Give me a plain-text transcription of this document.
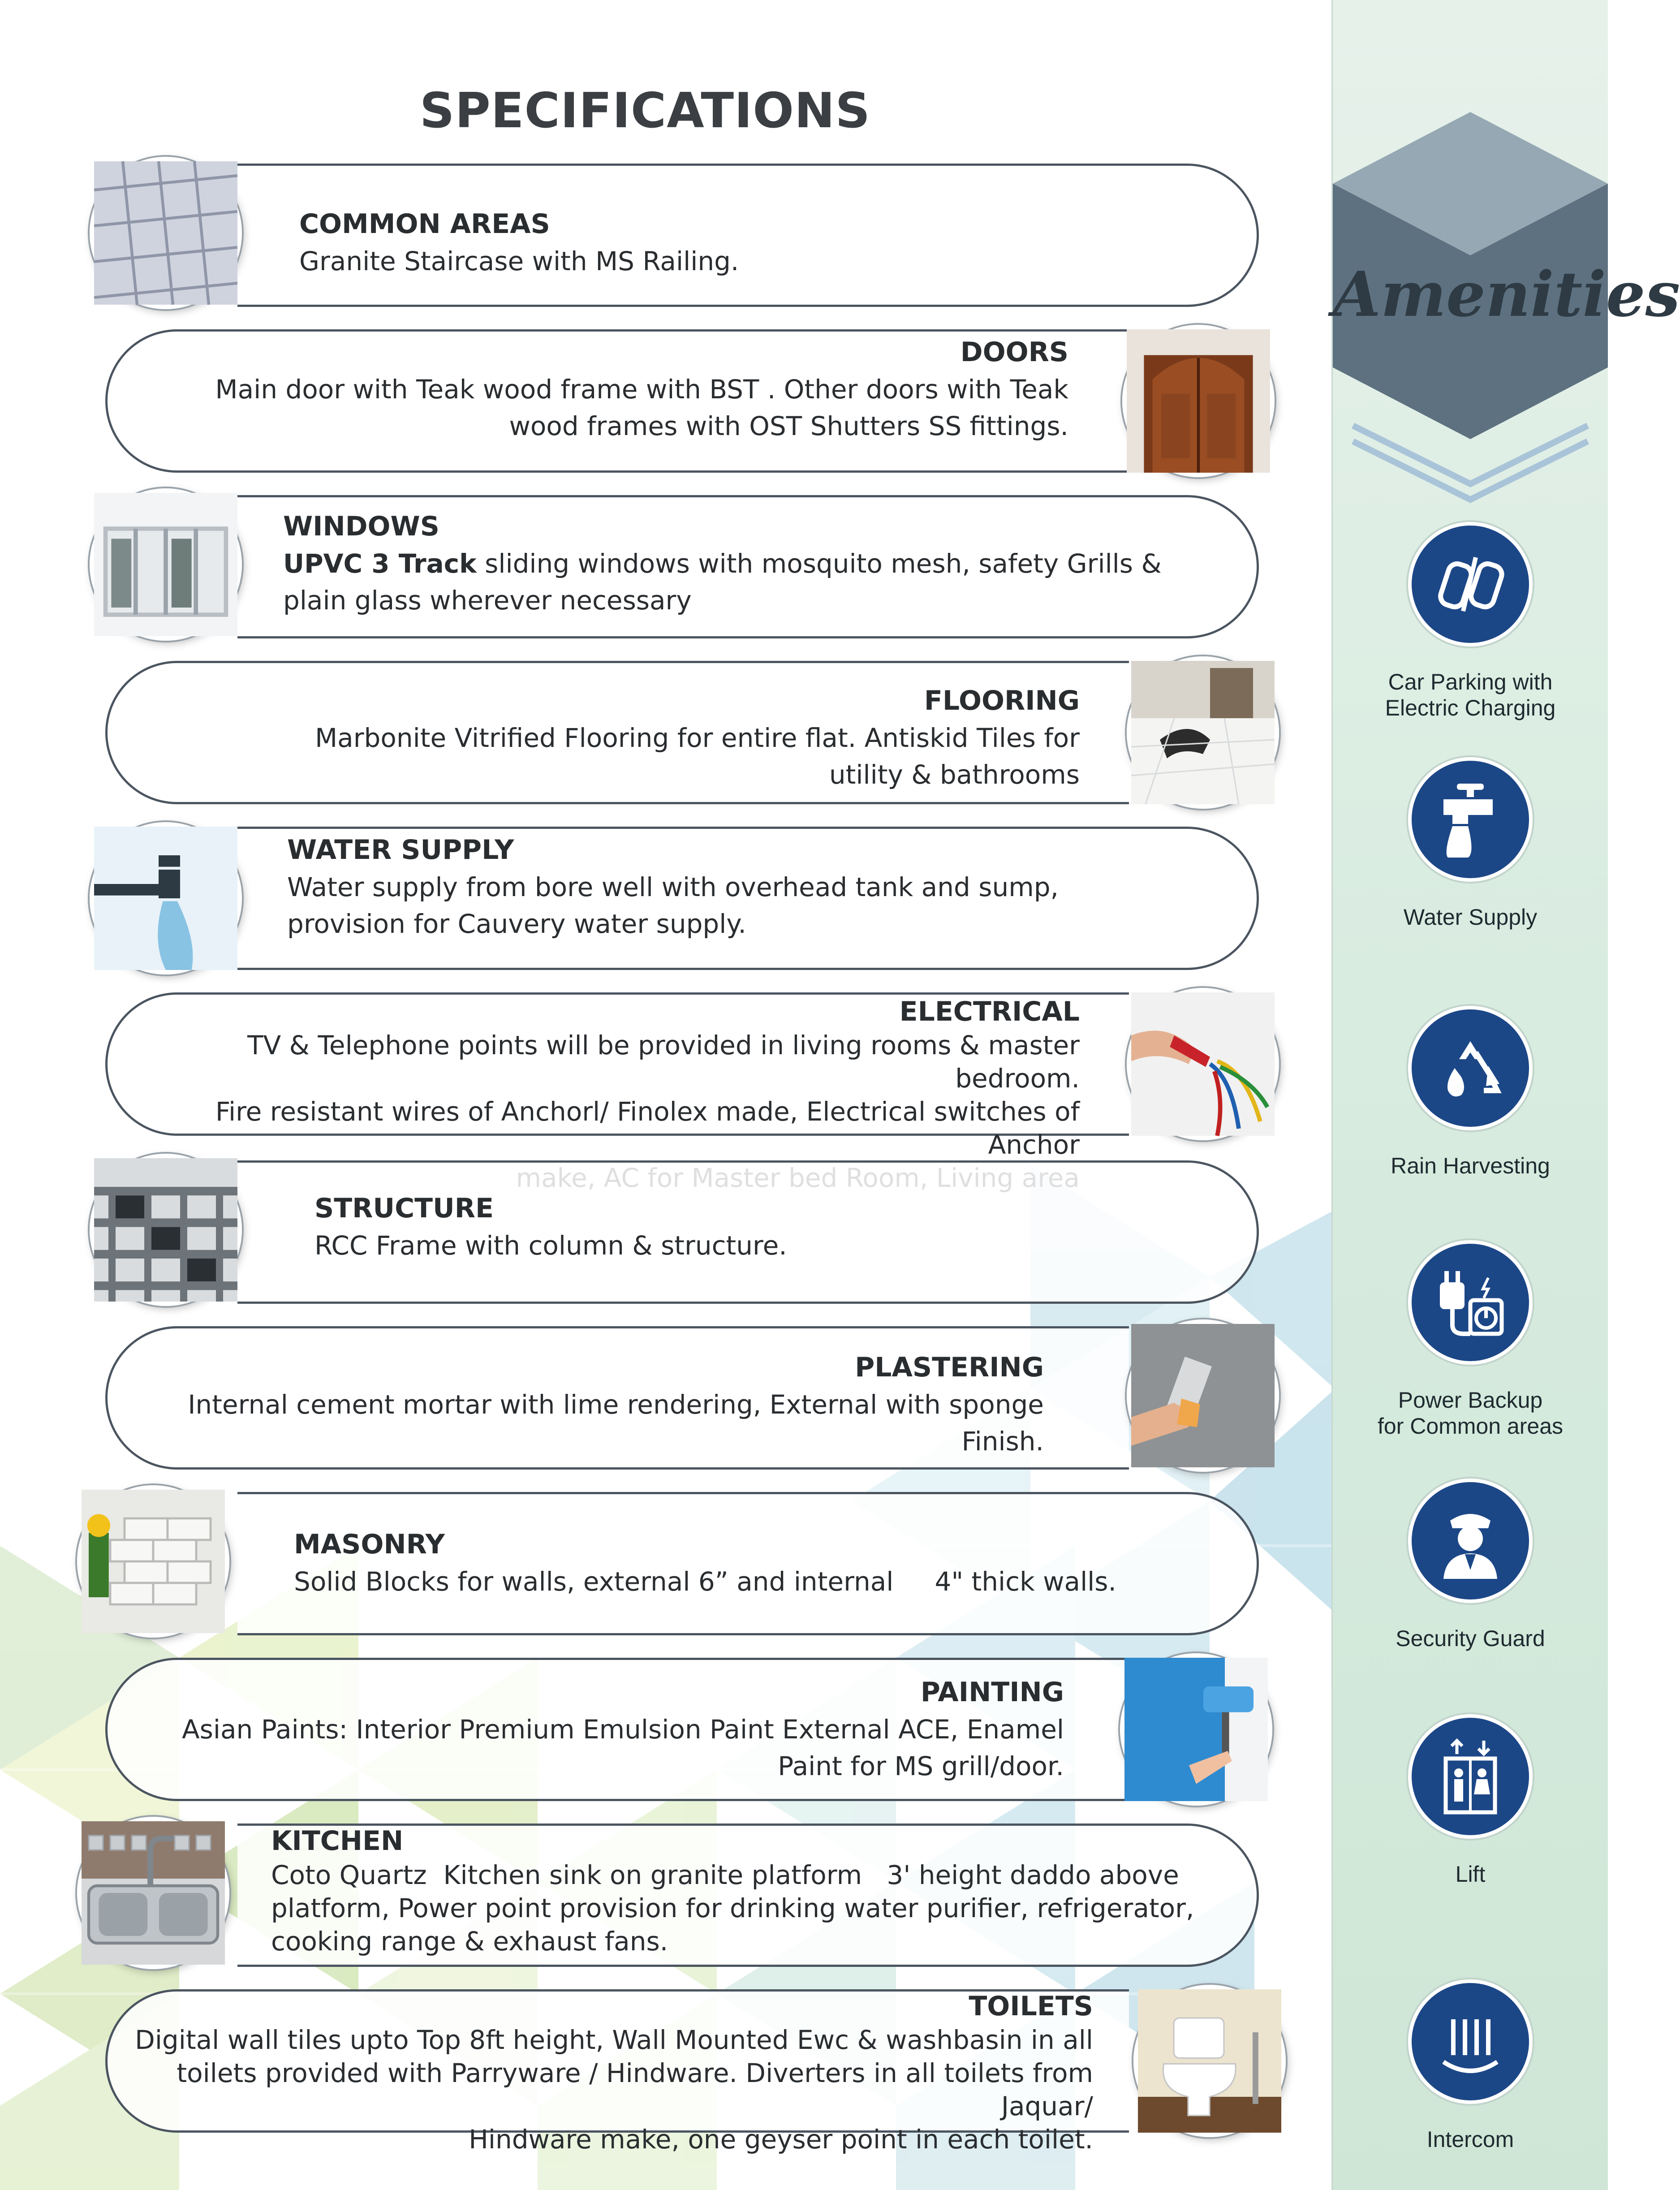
Amenities
Car Parking with
Electric Charging
Water Supply
Rain Harvesting
Power Backup
for Common areas
Security Guard
Lift
Intercom
SPECIFICATIONS
COMMON AREAS
Granite Staircase with MS Railing.
DOORS
Main door with Teak wood frame with BST . Other doors with Teak
wood frames with OST Shutters SS fittings.
WINDOWS
UPVC 3 Track sliding windows with mosquito mesh, safety Grills &
plain glass wherever necessary
FLOORING
Marbonite Vitrified Flooring for entire flat. Antiskid Tiles for
utility & bathrooms
WATER SUPPLY
Water supply from bore well with overhead tank and sump,
provision for Cauvery water supply.
ELECTRICAL
TV & Telephone points will be provided in living rooms & master bedroom.
Fire resistant wires of Anchorl/ Finolex made, Electrical switches of Anchor
STRUCTURE
RCC Frame with column & structure.
PLASTERING
Internal cement mortar with lime rendering, External with sponge
Finish.
MASONRY
Solid Blocks for walls, external 6” and internal     4" thick walls.
PAINTING
Asian Paints: Interior Premium Emulsion Paint External ACE, Enamel
Paint for MS grill/door.
KITCHEN
Coto Quartz  Kitchen sink on granite platform   3' height daddo above
platform, Power point provision for drinking water purifier, refrigerator,
cooking range & exhaust fans.
TOILETS
Digital wall tiles upto Top 8ft height, Wall Mounted Ewc & washbasin in all
toilets provided with Parryware / Hindware. Diverters in all toilets from Jaquar/
Hindware make, one geyser point in each toilet.
